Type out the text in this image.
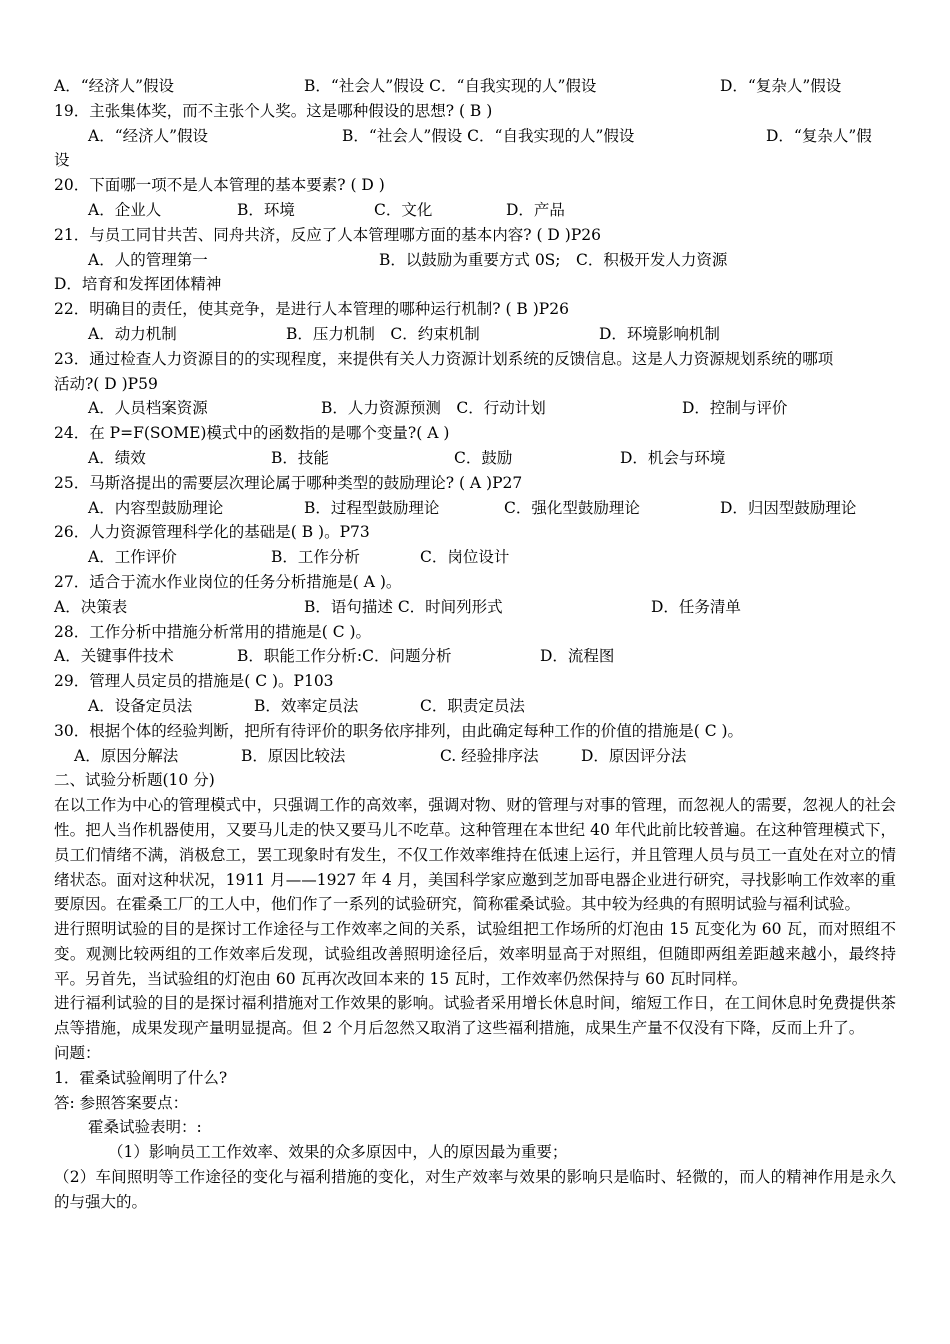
A．“经济人”假设	B．“社会人”假设 C．“自我实现的人”假设	D．“复杂人”假设
19．主张集体奖，而不主张个人奖。这是哪种假设的思想? ( B )
A．“经济人”假设	B．“社会人”假设 C．“自我实现的人”假设	D．“复杂人”假
设
20．下面哪一项不是人本管理的基本要素? ( D )
A．企业人	B．环境	C．文化	D．产品
21．与员工同甘共苦、同舟共济，反应了人本管理哪方面的基本内容? ( D )P26
A．人的管理第一	B．以鼓励为重要方式 0S;　C．积极开发人力资源
D．培育和发挥团体精神
22．明确目的责任，使其竞争，是进行人本管理的哪种运行机制? ( B )P26
A．动力机制	B．压力机制　C．约束机制	D．环境影响机制
23．通过检查人力资源目的的实现程度，来提供有关人力资源计划系统的反馈信息。这是人力资源规划系统的哪项
活动?( D )P59
A．人员档案资源	B．人力资源预测　C．行动计划	D．控制与评价
24．在 P=F(SOME)模式中的函数指的是哪个变量?( A )
A．绩效	B．技能	C．鼓励	D．机会与环境
25．马斯洛提出的需要层次理论属于哪种类型的鼓励理论? ( A )P27
A．内容型鼓励理论	B．过程型鼓励理论	C．强化型鼓励理论	D．归因型鼓励理论
26．人力资源管理科学化的基础是( B )。P73
A．工作评价	B．工作分析	C．岗位设计
27．适合于流水作业岗位的任务分析措施是( A )。
A．决策表	B．语句描述 C．时间列形式	D．任务清单
28．工作分析中措施分析常用的措施是( C )。
A．关键事件技术	B．职能工作分析:C．问题分析	D．流程图
29．管理人员定员的措施是( C )。P103
A．设备定员法	B．效率定员法	C．职责定员法
30．根据个体的经验判断，把所有待评价的职务依序排列，由此确定每种工作的价值的措施是( C )。
A．原因分解法	B．原因比较法	C. 经验排序法	D．原因评分法
二、试验分析题(10 分)
在以工作为中心的管理模式中，只强调工作的高效率，强调对物、财的管理与对事的管理，而忽视人的需要，忽视人的社会性。把人当作机器使用，又要马儿走的快又要马儿不吃草。这种管理在本世纪 40 年代此前比较普遍。在这种管理模式下，员工们情绪不满，消极怠工，罢工现象时有发生，不仅工作效率维持在低速上运行，并且管理人员与员工一直处在对立的情绪状态。面对这种状况，1911 月——1927 年 4 月，美国科学家应邀到芝加哥电器企业进行研究，寻找影响工作效率的重要原因。在霍桑工厂的工人中，他们作了一系列的试验研究，简称霍桑试验。其中较为经典的有照明试验与福利试验。
进行照明试验的目的是探讨工作途径与工作效率之间的关系，试验组把工作场所的灯泡由 15 瓦变化为 60 瓦，而对照组不变。观测比较两组的工作效率后发现，试验组改善照明途径后，效率明显高于对照组，但随即两组差距越来越小，最终持平。另首先，当试验组的灯泡由 60 瓦再次改回本来的 15 瓦时，工作效率仍然保持与 60 瓦时同样。
进行福利试验的目的是探讨福利措施对工作效果的影响。试验者采用增长休息时间，缩短工作日，在工间休息时免费提供茶点等措施，成果发现产量明显提高。但 2 个月后忽然又取消了这些福利措施，成果生产量不仅没有下降，反而上升了。
问题：
1．霍桑试验阐明了什么?
答: 参照答案要点：
霍桑试验表明：:
（1）影响员工工作效率、效果的众多原因中，人的原因最为重要；
（2）车间照明等工作途径的变化与福利措施的变化，对生产效率与效果的影响只是临时、轻微的，而人的精神作用是永久的与强大的。
